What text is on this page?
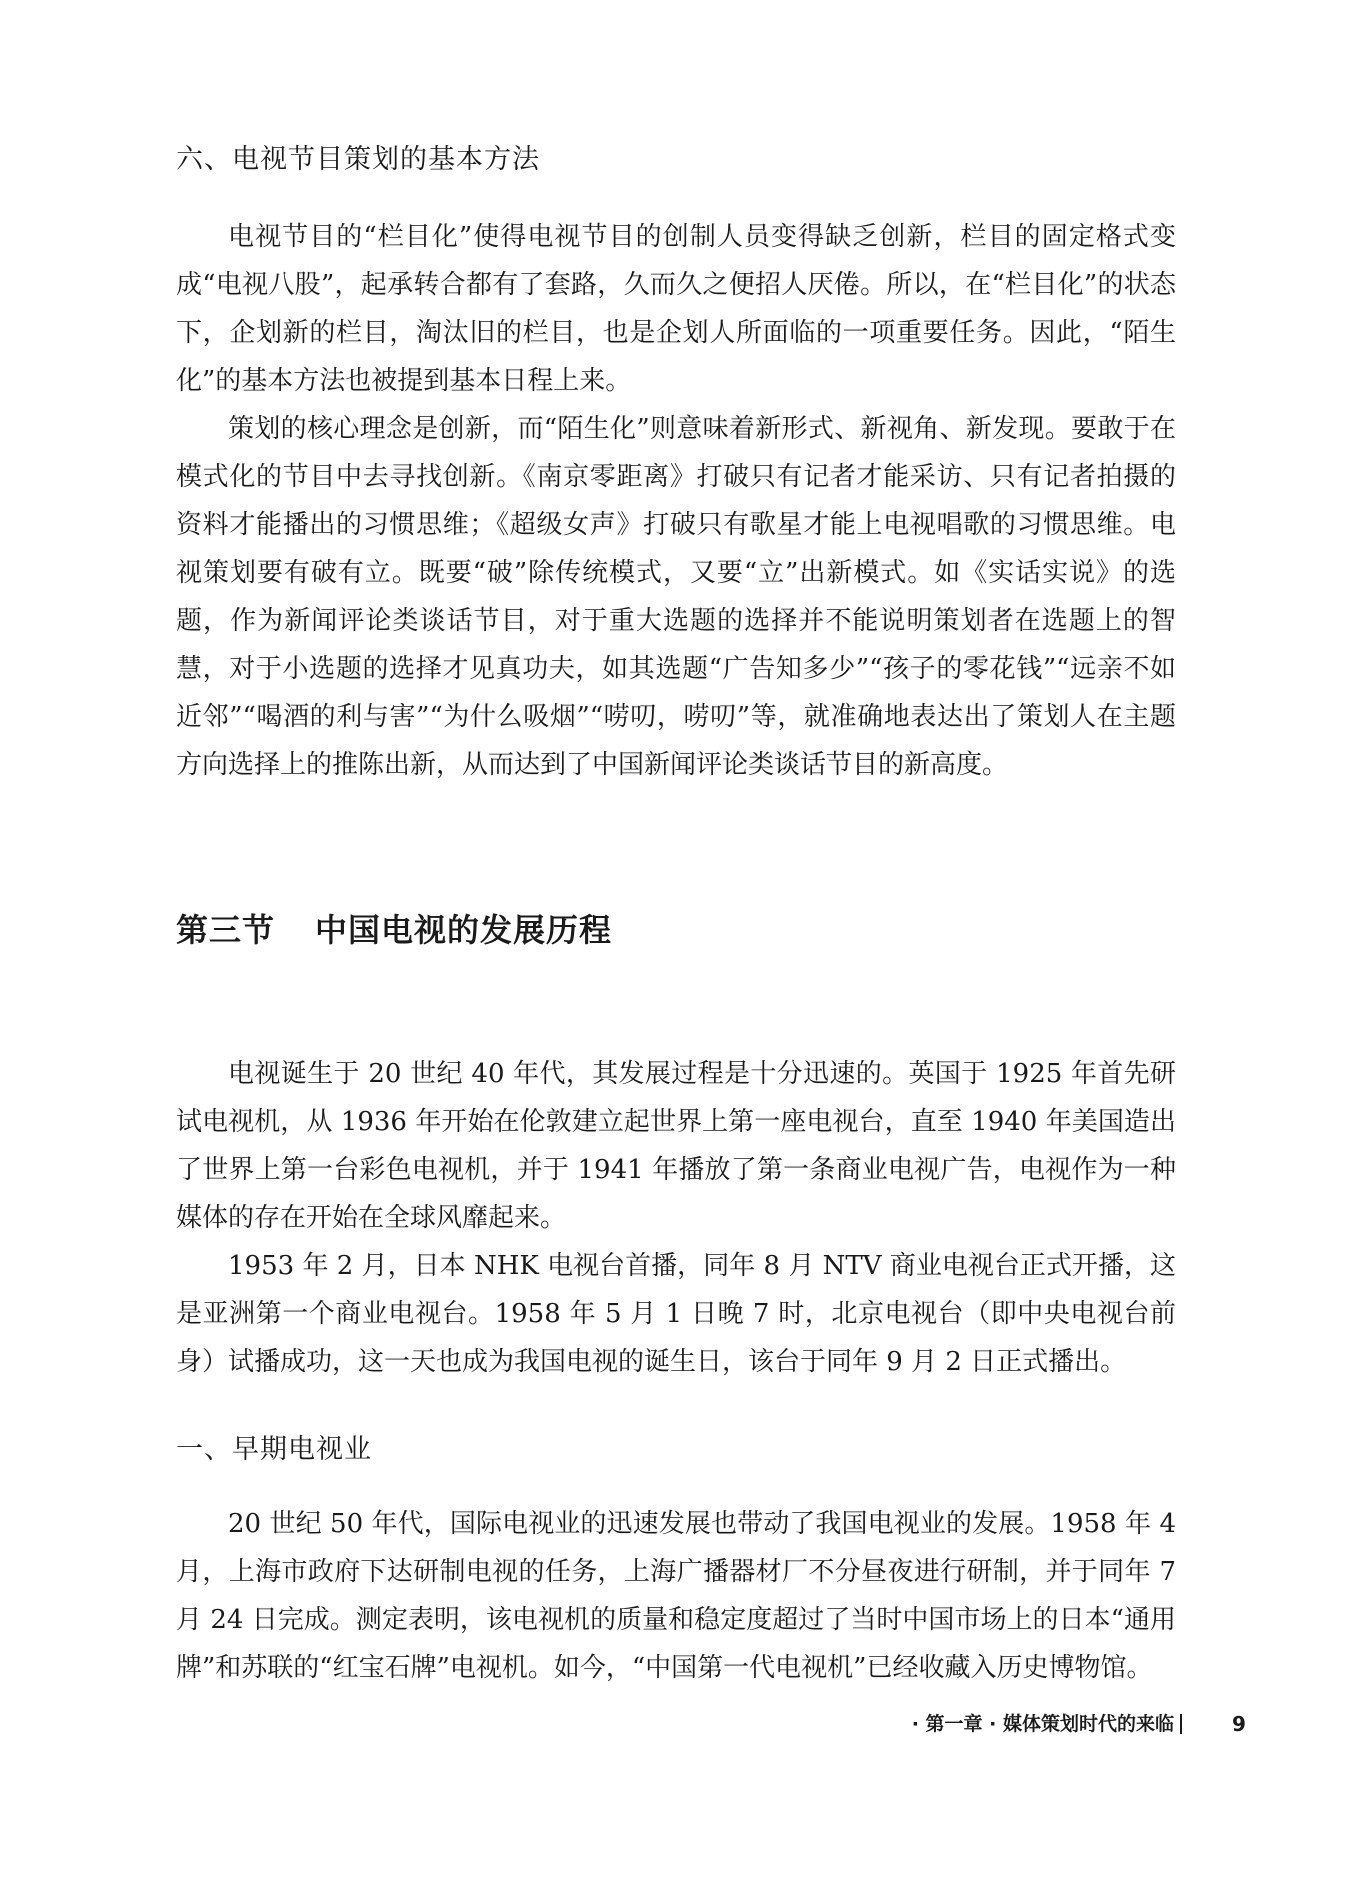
六、电视节目策划的基本方法

电视节目的“栏目化”使得电视节目的创制人员变得缺乏创新，栏目的固定格式变成“电视八股”，起承转合都有了套路，久而久之便招人厌倦。所以，在“栏目化”的状态下，企划新的栏目，淘汰旧的栏目，也是企划人所面临的一项重要任务。因此，“陌生化”的基本方法也被提到基本日程上来。

策划的核心理念是创新，而“陌生化”则意味着新形式、新视角、新发现。要敢于在模式化的节目中去寻找创新。《南京零距离》打破只有记者才能采访、只有记者拍摄的资料才能播出的习惯思维；《超级女声》打破只有歌星才能上电视唱歌的习惯思维。电视策划要有破有立。既要“破”除传统模式，又要“立”出新模式。如《实话实说》的选题，作为新闻评论类谈话节目，对于重大选题的选择并不能说明策划者在选题上的智慧，对于小选题的选择才见真功夫，如其选题“广告知多少”“孩子的零花钱”“远亲不如近邻”“喝酒的利与害”“为什么吸烟”“唠叨，唠叨”等，就准确地表达出了策划人在主题方向选择上的推陈出新，从而达到了中国新闻评论类谈话节目的新高度。

第三节 中国电视的发展历程

电视诞生于 20 世纪 40 年代，其发展过程是十分迅速的。英国于 1925 年首先研试电视机，从 1936 年开始在伦敦建立起世界上第一座电视台，直至 1940 年美国造出了世界上第一台彩色电视机，并于 1941 年播放了第一条商业电视广告，电视作为一种媒体的存在开始在全球风靡起来。

1953 年 2 月，日本 NHK 电视台首播，同年 8 月 NTV 商业电视台正式开播，这是亚洲第一个商业电视台。1958 年 5 月 1 日晚 7 时，北京电视台（即中央电视台前身）试播成功，这一天也成为我国电视的诞生日，该台于同年 9 月 2 日正式播出。

一、早期电视业

20 世纪 50 年代，国际电视业的迅速发展也带动了我国电视业的发展。1958 年 4 月，上海市政府下达研制电视的任务，上海广播器材厂不分昼夜进行研制，并于同年 7 月 24 日完成。测定表明，该电视机的质量和稳定度超过了当时中国市场上的日本“通用牌”和苏联的“红宝石牌”电视机。如今，“中国第一代电视机”已经收藏入历史博物馆。

· 第一章 · 媒体策划时代的来临	9
